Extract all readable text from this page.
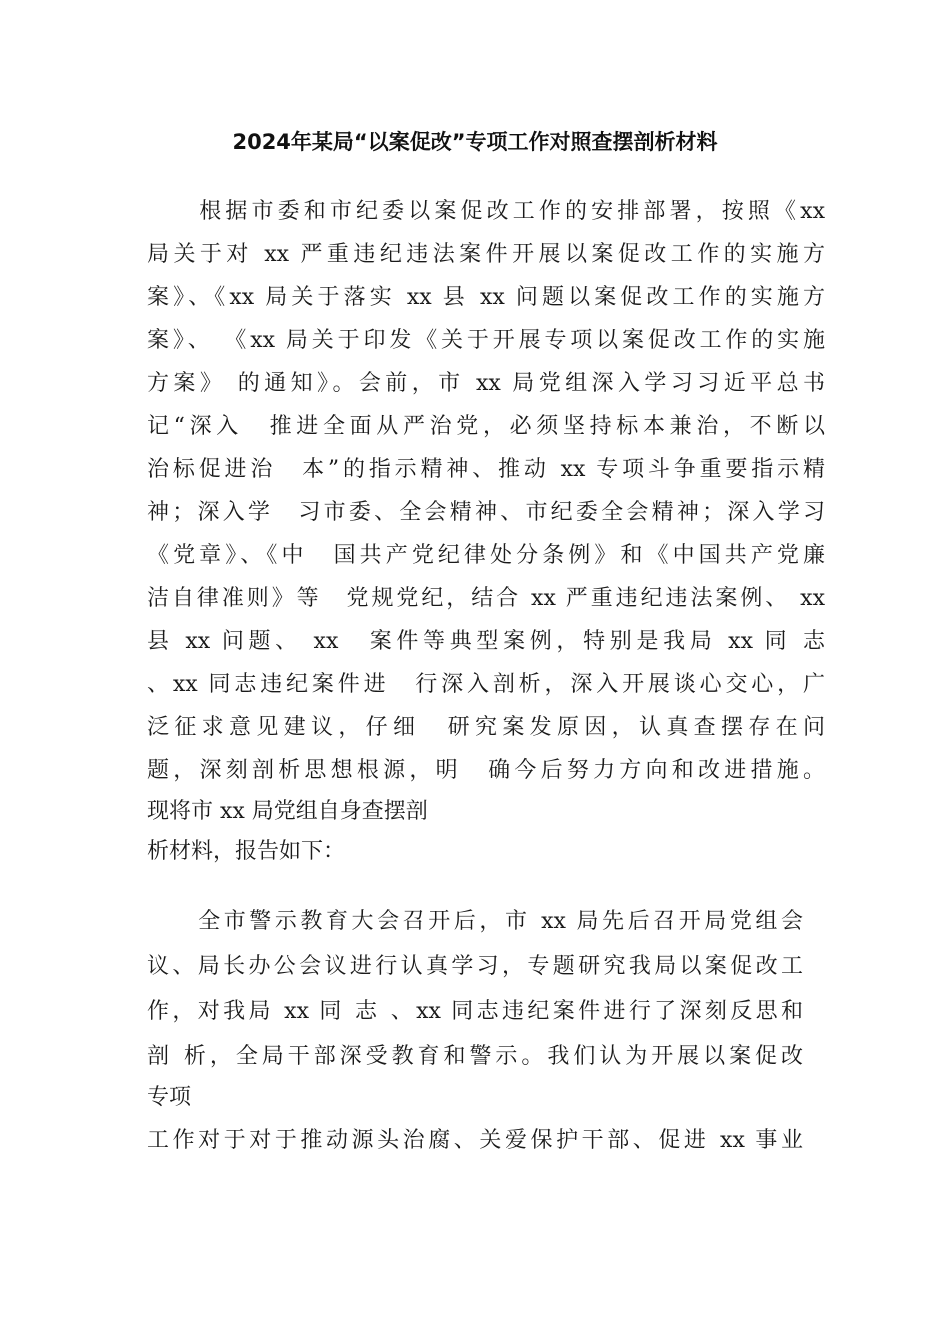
2024年某局“以案促改”专项工作对照查摆剖析材料
　　根据市委和市纪委以案促改工作的安排部署，按照《xx
局关于对 xx 严重违纪违法案件开展以案促改工作的实施方
案》、《xx 局关于落实 xx 县 xx 问题以案促改工作的实施方
案》、 《xx 局关于印发《关于开展专项以案促改工作的实施
方案》 的通知》。会前，市 xx 局党组深入学习习近平总书
记“深入　推进全面从严治党，必须坚持标本兼治，不断以
治标促进治　本”的指示精神、推动 xx 专项斗争重要指示精
神；深入学　习市委、全会精神、市纪委全会精神；深入学习
《党章》、《中　国共产党纪律处分条例》和《中国共产党廉
洁自律准则》等　党规党纪，结合 xx 严重违纪违法案例、 xx
县 xx 问题、 xx　案件等典型案例，特别是我局 xx 同 志
、xx 同志违纪案件进　行深入剖析，深入开展谈心交心，广
泛征求意见建议，仔细　研究案发原因，认真查摆存在问
题，深刻剖析思想根源，明　确今后努力方向和改进措施。
现将市 xx 局党组自身查摆剖
析材料，报告如下：
　　全市警示教育大会召开后，市 xx 局先后召开局党组会
议、局长办公会议进行认真学习，专题研究我局以案促改工
作，对我局 xx 同 志 、xx 同志违纪案件进行了深刻反思和
剖 析，全局干部深受教育和警示。我们认为开展以案促改
专项
工作对于对于推动源头治腐、关爱保护干部、促进 xx 事业
